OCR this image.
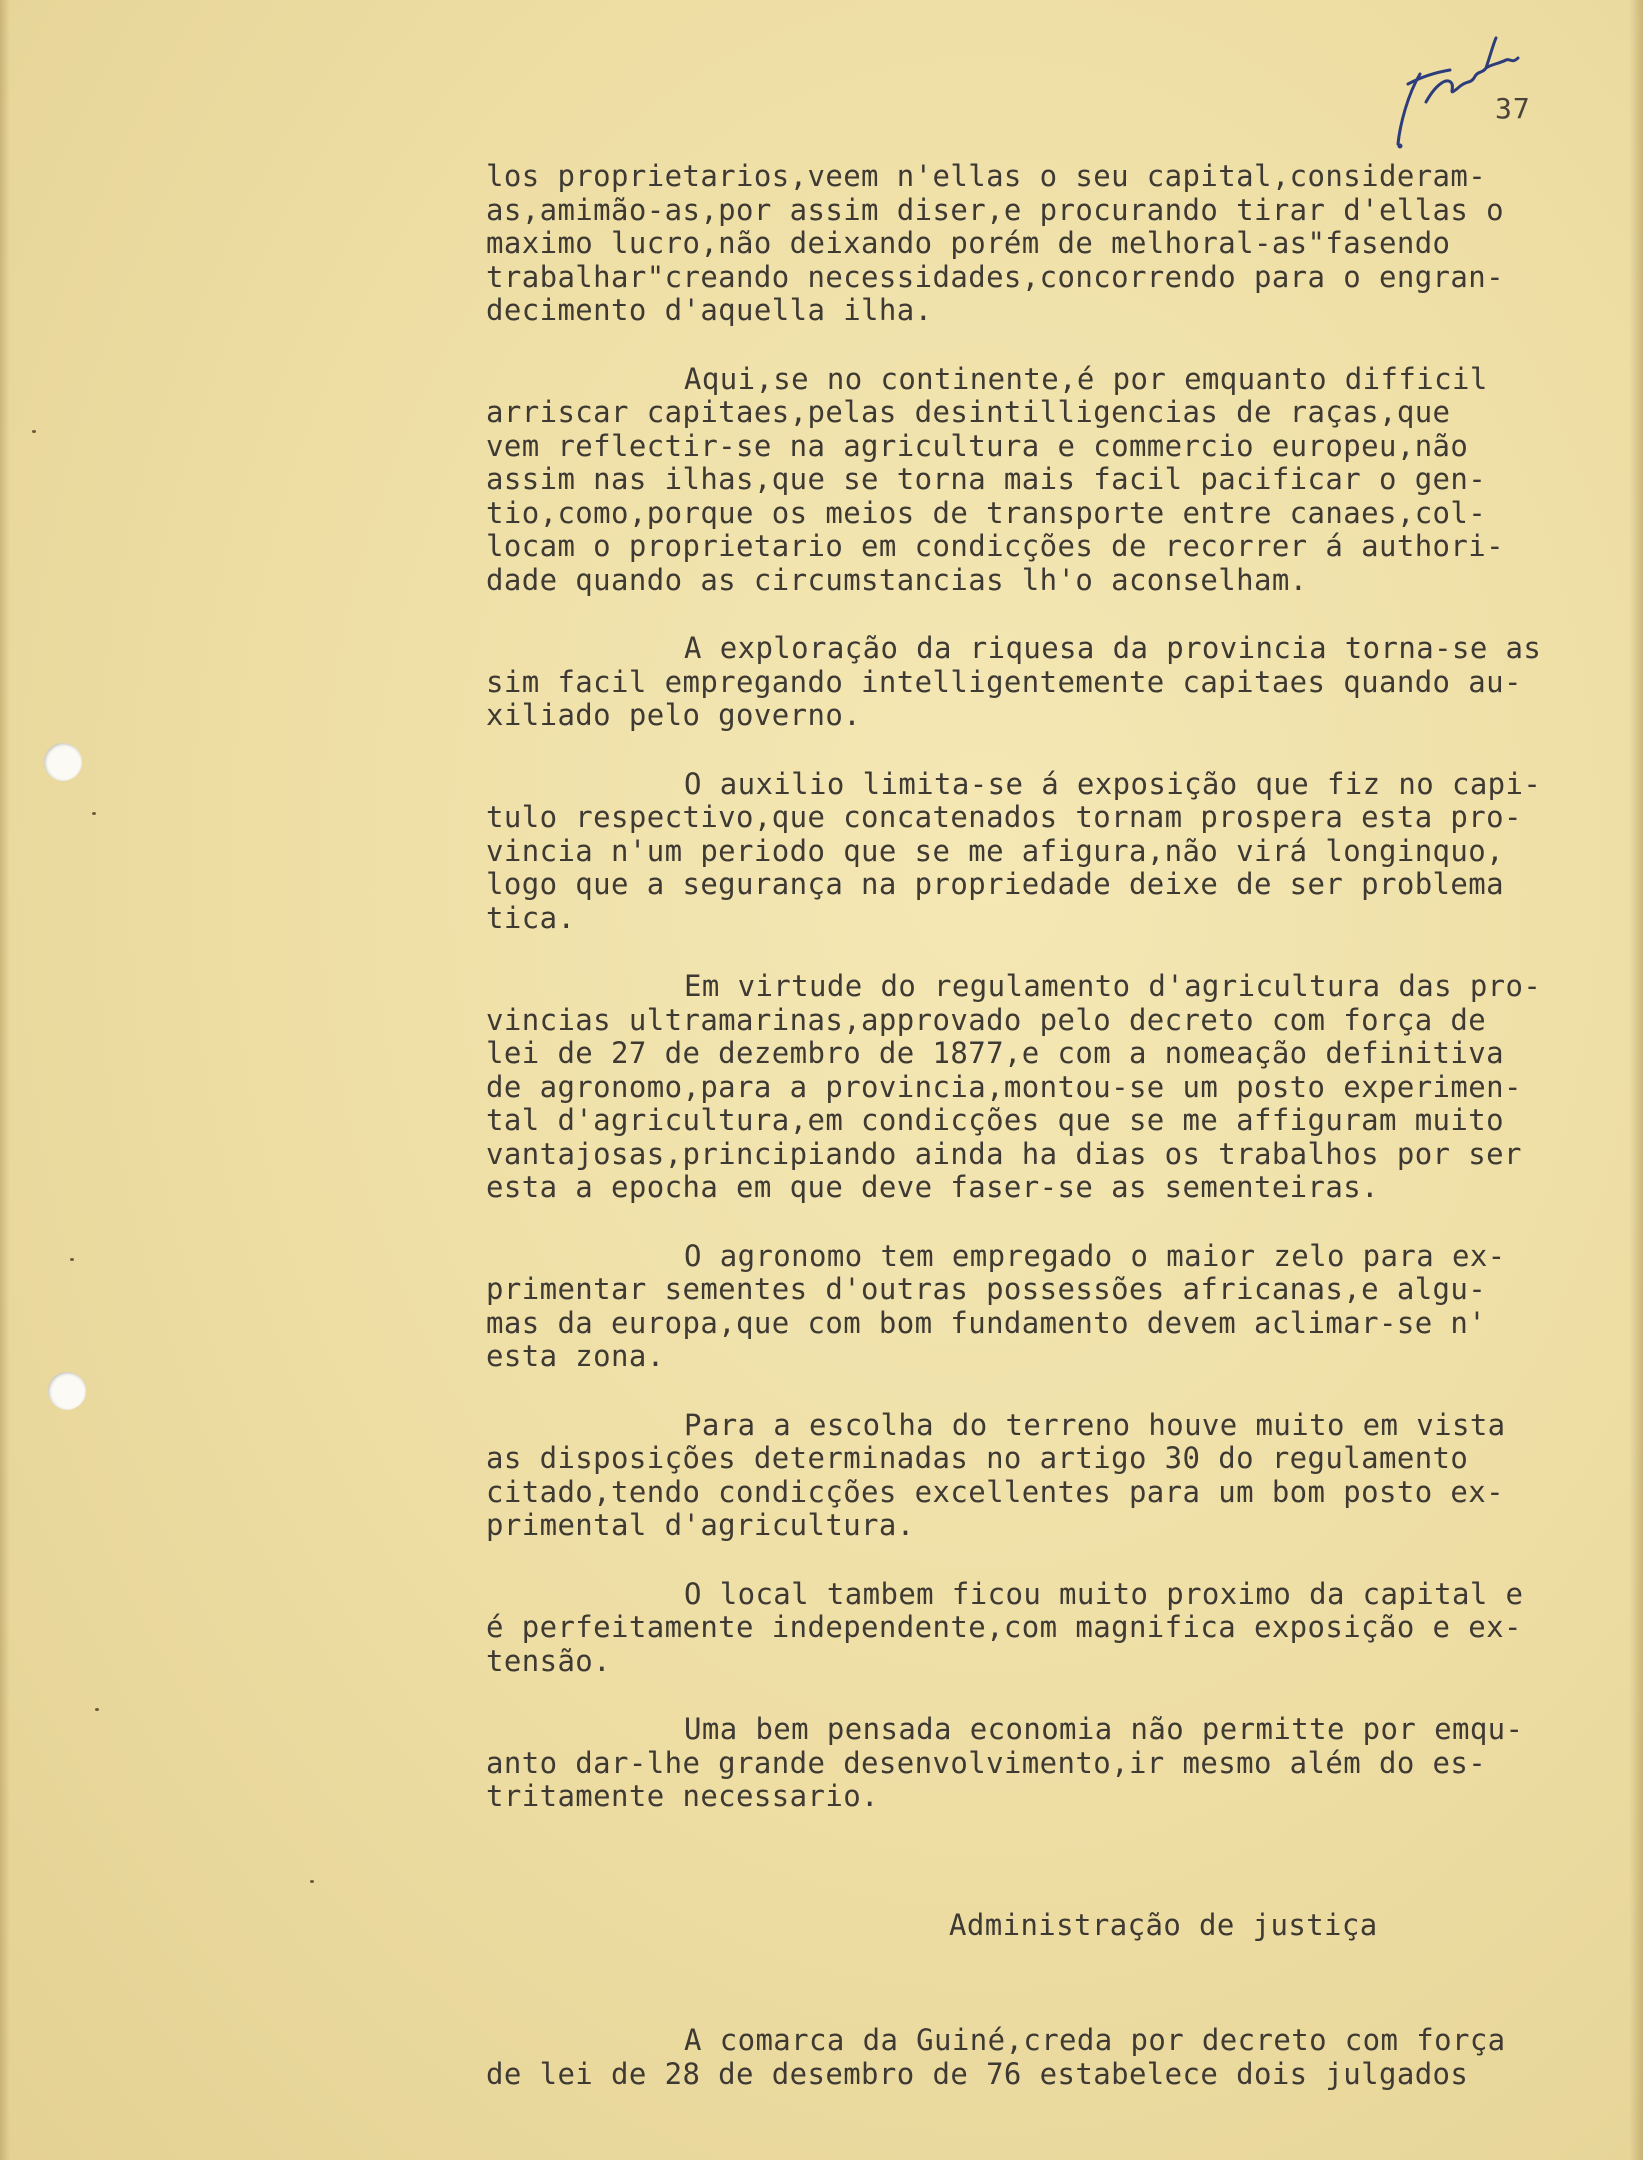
37

los proprietarios,veem n'ellas o seu capital,consideram-
as,amimão-as,por assim diser,e procurando tirar d'ellas o
maximo lucro,não deixando porém de melhoral-as"fasendo
trabalhar"creando necessidades,concorrendo para o engran-
decimento d'aquella ilha.

Aqui,se no continente,é por emquanto difficil
arriscar capitaes,pelas desintilligencias de raças,que
vem reflectir-se na agricultura e commercio europeu,não
assim nas ilhas,que se torna mais facil pacificar o gen-
tio,como,porque os meios de transporte entre canaes,col-
locam o proprietario em condicções de recorrer á authori-
dade quando as circumstancias lh'o aconselham.

A exploração da riquesa da provincia torna-se as
sim facil empregando intelligentemente capitaes quando au-
xiliado pelo governo.

O auxilio limita-se á exposição que fiz no capi-
tulo respectivo,que concatenados tornam prospera esta pro-
vincia n'um periodo que se me afigura,não virá longinquo,
logo que a segurança na propriedade deixe de ser problema
tica.

Em virtude do regulamento d'agricultura das pro-
vincias ultramarinas,approvado pelo decreto com força de
lei de 27 de dezembro de 1877,e com a nomeação definitiva
de agronomo,para a provincia,montou-se um posto experimen-
tal d'agricultura,em condicções que se me affiguram muito
vantajosas,principiando ainda ha dias os trabalhos por ser
esta a epocha em que deve faser-se as sementeiras.

O agronomo tem empregado o maior zelo para ex-
primentar sementes d'outras possessões africanas,e algu-
mas da europa,que com bom fundamento devem aclimar-se n'
esta zona.

Para a escolha do terreno houve muito em vista
as disposições determinadas no artigo 30 do regulamento
citado,tendo condicções excellentes para um bom posto ex-
primental d'agricultura.

O local tambem ficou muito proximo da capital e
é perfeitamente independente,com magnifica exposição e ex-
tensão.

Uma bem pensada economia não permitte por emqu-
anto dar-lhe grande desenvolvimento,ir mesmo além do es-
tritamente necessario.

Administração de justiça

A comarca da Guiné,creda por decreto com força
de lei de 28 de desembro de 76 estabelece dois julgados
